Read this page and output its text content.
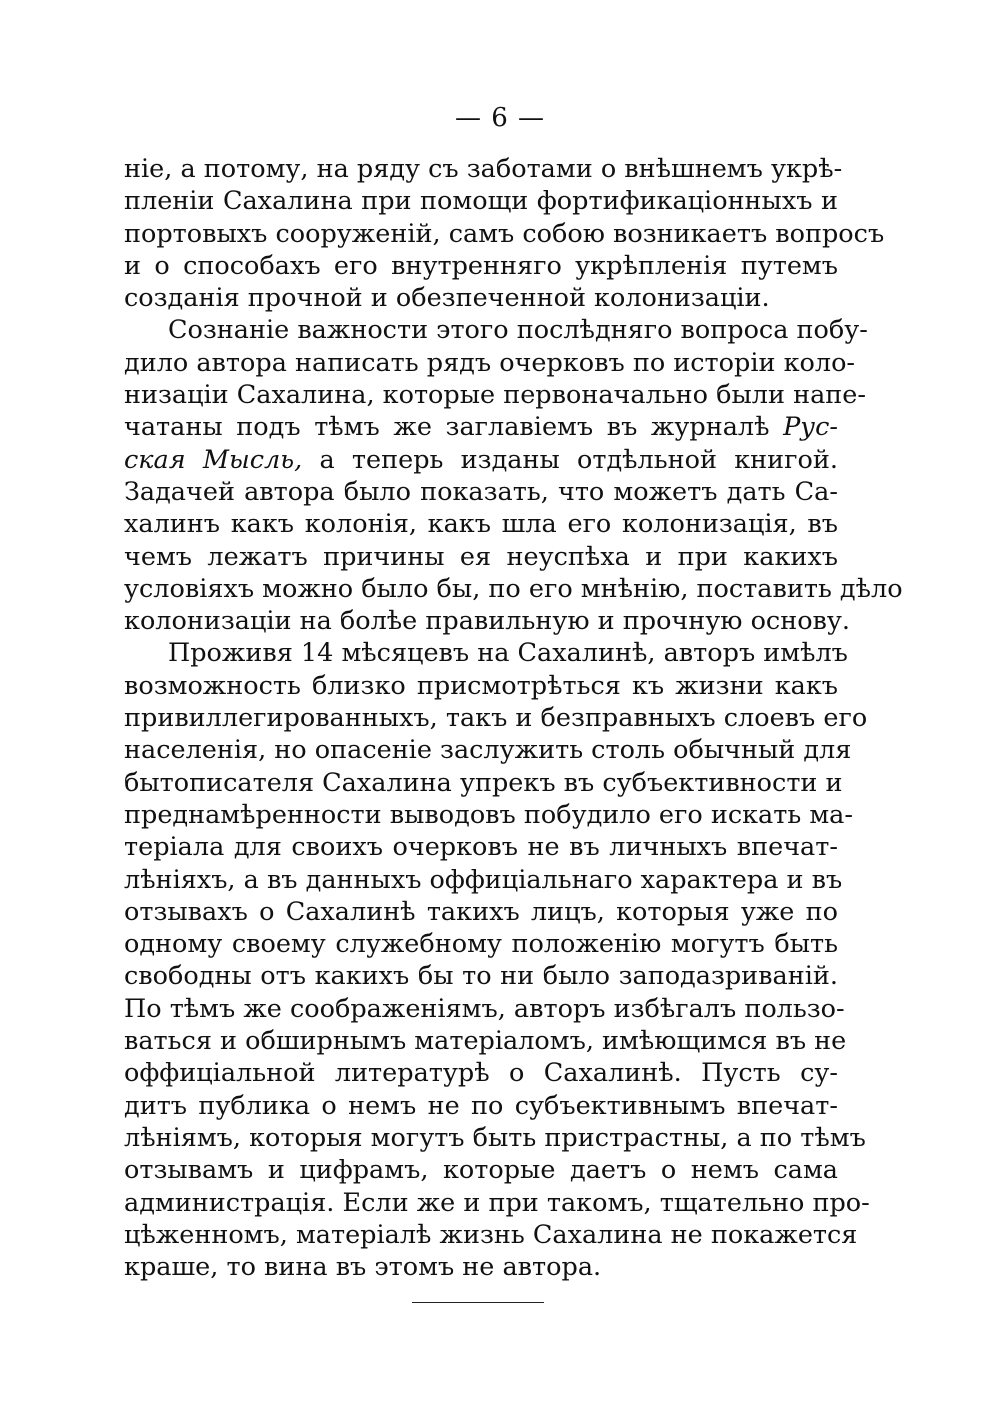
— 6 —
ніе, а потому, на ряду съ заботами о внѣшнемъ укрѣ-
пленіи Сахалина при помощи фортификаціонныхъ и
портовыхъ сооруженій, самъ собою возникаетъ вопросъ
и о способахъ его внутренняго укрѣпленія путемъ
созданія прочной и обезпеченной колонизаціи.
Сознаніе важности этого послѣдняго вопроса побу-
дило автора написать рядъ очерковъ по исторіи коло-
низаціи Сахалина, которые первоначально были напе-
чатаны подъ тѣмъ же заглавіемъ въ журналѣ Рус-
ская Мысль, а теперь изданы отдѣльной книгой.
Задачей автора было показать, что можетъ дать Са-
халинъ какъ колонія, какъ шла его колонизація, въ
чемъ лежатъ причины ея неуспѣха и при какихъ
условіяхъ можно было бы, по его мнѣнію, поставить дѣло
колонизаціи на болѣе правильную и прочную основу.
Проживя 14 мѣсяцевъ на Сахалинѣ, авторъ имѣлъ
возможность близко присмотрѣться къ жизни какъ
привиллегированныхъ, такъ и безправныхъ слоевъ его
населенія, но опасеніе заслужить столь обычный для
бытописателя Сахалина упрекъ въ субъективности и
преднамѣренности выводовъ побудило его искать ма-
теріала для своихъ очерковъ не въ личныхъ впечат-
лѣніяхъ, а въ данныхъ оффиціальнаго характера и въ
отзывахъ о Сахалинѣ такихъ лицъ, которыя уже по
одному своему служебному положенію могутъ быть
свободны отъ какихъ бы то ни было заподазриваній.
По тѣмъ же соображеніямъ, авторъ избѣгалъ пользо-
ваться и обширнымъ матеріаломъ, имѣющимся въ не
оффиціальной литературѣ о Сахалинѣ. Пусть су-
дитъ публика о немъ не по субъективнымъ впечат-
лѣніямъ, которыя могутъ быть пристрастны, а по тѣмъ
отзывамъ и цифрамъ, которые даетъ о немъ сама
администрація. Если же и при такомъ, тщательно про-
цѣженномъ, матеріалѣ жизнь Сахалина не покажется
краше, то вина въ этомъ не автора.
